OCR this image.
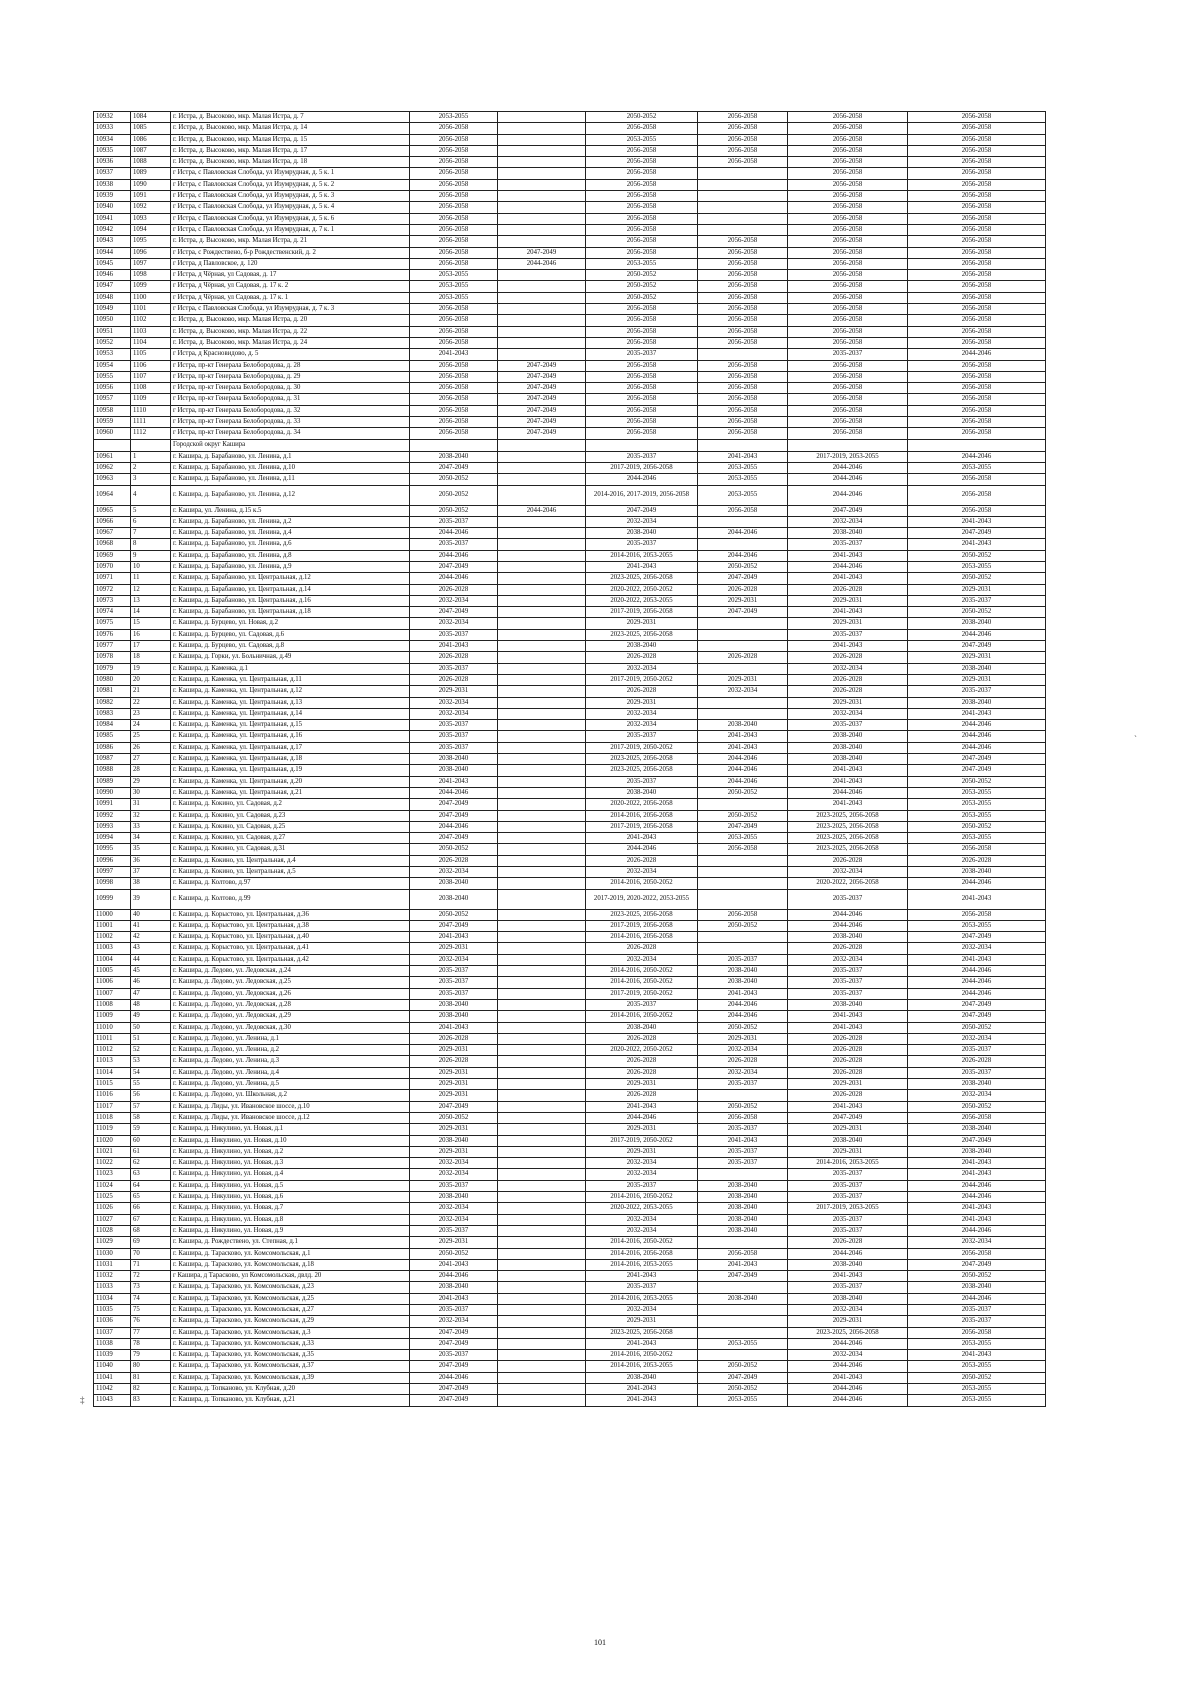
10932	1084	г. Истра, д. Высоково, мкр. Малая Истра, д. 7	2053-2055		2050-2052	2056-2058	2056-2058	2056-2058
10933	1085	г. Истра, д. Высоково, мкр. Малая Истра, д. 14	2056-2058		2056-2058	2056-2058	2056-2058	2056-2058
10934	1086	г. Истра, д. Высоково, мкр. Малая Истра, д. 15	2056-2058		2053-2055	2056-2058	2056-2058	2056-2058
10935	1087	г. Истра, д. Высоково, мкр. Малая Истра, д. 17	2056-2058		2056-2058	2056-2058	2056-2058	2056-2058
10936	1088	г. Истра, д. Высоково, мкр. Малая Истра, д. 18	2056-2058		2056-2058	2056-2058	2056-2058	2056-2058
10937	1089	г Истра, с Павловская Слобода, ул Изумрудная, д. 5 к. 1	2056-2058		2056-2058		2056-2058	2056-2058
10938	1090	г Истра, с Павловская Слобода, ул Изумрудная, д. 5 к. 2	2056-2058		2056-2058		2056-2058	2056-2058
10939	1091	г Истра, с Павловская Слобода, ул Изумрудная, д. 5 к. 3	2056-2058		2056-2058		2056-2058	2056-2058
10940	1092	г Истра, с Павловская Слобода, ул Изумрудная, д. 5 к. 4	2056-2058		2056-2058		2056-2058	2056-2058
10941	1093	г Истра, с Павловская Слобода, ул Изумрудная, д. 5 к. 6	2056-2058		2056-2058		2056-2058	2056-2058
10942	1094	г Истра, с Павловская Слобода, ул Изумрудная, д. 7 к. 1	2056-2058		2056-2058		2056-2058	2056-2058
10943	1095	г. Истра, д. Высоково, мкр. Малая Истра, д. 21	2056-2058		2056-2058	2056-2058	2056-2058	2056-2058
10944	1096	г Истра, с Рождествено, б-р Рождественский, д. 2	2056-2058	2047-2049	2056-2058	2056-2058	2056-2058	2056-2058
10945	1097	г Истра, д Павловское, д. 120	2056-2058	2044-2046	2053-2055	2056-2058	2056-2058	2056-2058
10946	1098	г Истра, д Чёрная, ул Садовая, д. 17	2053-2055		2050-2052	2056-2058	2056-2058	2056-2058
10947	1099	г Истра, д Чёрная, ул Садовая, д. 17 к. 2	2053-2055		2050-2052	2056-2058	2056-2058	2056-2058
10948	1100	г Истра, д Чёрная, ул Садовая, д. 17 к. 1	2053-2055		2050-2052	2056-2058	2056-2058	2056-2058
10949	1101	г Истра, с Павловская Слобода, ул Изумрудная, д. 7 к. 3	2056-2058		2056-2058	2056-2058	2056-2058	2056-2058
10950	1102	г. Истра, д. Высоково, мкр. Малая Истра, д. 20	2056-2058		2056-2058	2056-2058	2056-2058	2056-2058
10951	1103	г. Истра, д. Высоково, мкр. Малая Истра, д. 22	2056-2058		2056-2058	2056-2058	2056-2058	2056-2058
10952	1104	г. Истра, д. Высоково, мкр. Малая Истра, д. 24	2056-2058		2056-2058	2056-2058	2056-2058	2056-2058
10953	1105	г Истра, д Красновидово, д. 5	2041-2043		2035-2037		2035-2037	2044-2046
10954	1106	г Истра, пр-кт Генерала Белобородова, д. 28	2056-2058	2047-2049	2056-2058	2056-2058	2056-2058	2056-2058
10955	1107	г Истра, пр-кт Генерала Белобородова, д. 29	2056-2058	2047-2049	2056-2058	2056-2058	2056-2058	2056-2058
10956	1108	г Истра, пр-кт Генерала Белобородова, д. 30	2056-2058	2047-2049	2056-2058	2056-2058	2056-2058	2056-2058
10957	1109	г Истра, пр-кт Генерала Белобородова, д. 31	2056-2058	2047-2049	2056-2058	2056-2058	2056-2058	2056-2058
10958	1110	г Истра, пр-кт Генерала Белобородова, д. 32	2056-2058	2047-2049	2056-2058	2056-2058	2056-2058	2056-2058
10959	1111	г Истра, пр-кт Генерала Белобородова, д. 33	2056-2058	2047-2049	2056-2058	2056-2058	2056-2058	2056-2058
10960	1112	г Истра, пр-кт Генерала Белобородова, д. 34	2056-2058	2047-2049	2056-2058	2056-2058	2056-2058	2056-2058
		Городской округ Кашира						
10961	1	г. Кашира, д. Барабаново, ул. Ленина, д.1	2038-2040		2035-2037	2041-2043	2017-2019, 2053-2055	2044-2046
10962	2	г. Кашира, д. Барабаново, ул. Ленина, д.10	2047-2049		2017-2019, 2056-2058	2053-2055	2044-2046	2053-2055
10963	3	г. Кашира, д. Барабаново, ул. Ленина, д.11	2050-2052		2044-2046	2053-2055	2044-2046	2056-2058
10964	4	г. Кашира, д. Барабаново, ул. Ленина, д.12	2050-2052		2014-2016, 2017-2019, 2056-2058	2053-2055	2044-2046	2056-2058
10965	5	г. Кашира, ул. Ленина, д.15 к.5	2050-2052	2044-2046	2047-2049	2056-2058	2047-2049	2056-2058
10966	6	г. Кашира, д. Барабаново, ул. Ленина, д.2	2035-2037		2032-2034		2032-2034	2041-2043
10967	7	г. Кашира, д. Барабаново, ул. Ленина, д.4	2044-2046		2038-2040	2044-2046	2038-2040	2047-2049
10968	8	г. Кашира, д. Барабаново, ул. Ленина, д.6	2035-2037		2035-2037		2035-2037	2041-2043
10969	9	г. Кашира, д. Барабаново, ул. Ленина, д.8	2044-2046		2014-2016, 2053-2055	2044-2046	2041-2043	2050-2052
10970	10	г. Кашира, д. Барабаново, ул. Ленина, д.9	2047-2049		2041-2043	2050-2052	2044-2046	2053-2055
10971	11	г. Кашира, д. Барабаново, ул. Центральная, д.12	2044-2046		2023-2025, 2056-2058	2047-2049	2041-2043	2050-2052
10972	12	г. Кашира, д. Барабаново, ул. Центральная, д.14	2026-2028		2020-2022, 2050-2052	2026-2028	2026-2028	2029-2031
10973	13	г. Кашира, д. Барабаново, ул. Центральная, д.16	2032-2034		2020-2022, 2053-2055	2029-2031	2029-2031	2035-2037
10974	14	г. Кашира, д. Барабаново, ул. Центральная, д.18	2047-2049		2017-2019, 2056-2058	2047-2049	2041-2043	2050-2052
10975	15	г. Кашира, д. Бурцево, ул. Новая, д.2	2032-2034		2029-2031		2029-2031	2038-2040
10976	16	г. Кашира, д. Бурцево, ул. Садовая, д.6	2035-2037		2023-2025, 2056-2058		2035-2037	2044-2046
10977	17	г. Кашира, д. Бурцево, ул. Садовая, д.8	2041-2043		2038-2040		2041-2043	2047-2049
10978	18	г. Кашира, д. Горки, ул. Больничная, д.49	2026-2028		2026-2028	2026-2028	2026-2028	2029-2031
10979	19	г. Кашира, д. Каменка, д.1	2035-2037		2032-2034		2032-2034	2038-2040
10980	20	г. Кашира, д. Каменка, ул. Центральная, д.11	2026-2028		2017-2019, 2050-2052	2029-2031	2026-2028	2029-2031
10981	21	г. Кашира, д. Каменка, ул. Центральная, д.12	2029-2031		2026-2028	2032-2034	2026-2028	2035-2037
10982	22	г. Кашира, д. Каменка, ул. Центральная, д.13	2032-2034		2029-2031		2029-2031	2038-2040
10983	23	г. Кашира, д. Каменка, ул. Центральная, д.14	2032-2034		2032-2034		2032-2034	2041-2043
10984	24	г. Кашира, д. Каменка, ул. Центральная, д.15	2035-2037		2032-2034	2038-2040	2035-2037	2044-2046
10985	25	г. Кашира, д. Каменка, ул. Центральная, д.16	2035-2037		2035-2037	2041-2043	2038-2040	2044-2046
10986	26	г. Кашира, д. Каменка, ул. Центральная, д.17	2035-2037		2017-2019, 2050-2052	2041-2043	2038-2040	2044-2046
10987	27	г. Кашира, д. Каменка, ул. Центральная, д.18	2038-2040		2023-2025, 2056-2058	2044-2046	2038-2040	2047-2049
10988	28	г. Кашира, д. Каменка, ул. Центральная, д.19	2038-2040		2023-2025, 2056-2058	2044-2046	2041-2043	2047-2049
10989	29	г. Кашира, д. Каменка, ул. Центральная, д.20	2041-2043		2035-2037	2044-2046	2041-2043	2050-2052
10990	30	г. Кашира, д. Каменка, ул. Центральная, д.21	2044-2046		2038-2040	2050-2052	2044-2046	2053-2055
10991	31	г. Кашира, д. Кокино, ул. Садовая, д.2	2047-2049		2020-2022, 2056-2058		2041-2043	2053-2055
10992	32	г. Кашира, д. Кокино, ул. Садовая, д.23	2047-2049		2014-2016, 2056-2058	2050-2052	2023-2025, 2056-2058	2053-2055
10993	33	г. Кашира, д. Кокино, ул. Садовая, д.25	2044-2046		2017-2019, 2056-2058	2047-2049	2023-2025, 2056-2058	2050-2052
10994	34	г. Кашира, д. Кокино, ул. Садовая, д.27	2047-2049		2041-2043	2053-2055	2023-2025, 2056-2058	2053-2055
10995	35	г. Кашира, д. Кокино, ул. Садовая, д.31	2050-2052		2044-2046	2056-2058	2023-2025, 2056-2058	2056-2058
10996	36	г. Кашира, д. Кокино, ул. Центральная, д.4	2026-2028		2026-2028		2026-2028	2026-2028
10997	37	г. Кашира, д. Кокино, ул. Центральная, д.5	2032-2034		2032-2034		2032-2034	2038-2040
10998	38	г. Кашира, д. Колтово, д.97	2038-2040		2014-2016, 2050-2052		2020-2022, 2056-2058	2044-2046
10999	39	г. Кашира, д. Колтово, д.99	2038-2040		2017-2019, 2020-2022, 2053-2055		2035-2037	2041-2043
11000	40	г. Кашира, д. Корыстово, ул. Центральная, д.36	2050-2052		2023-2025, 2056-2058	2056-2058	2044-2046	2056-2058
11001	41	г. Кашира, д. Корыстово, ул. Центральная, д.38	2047-2049		2017-2019, 2056-2058	2050-2052	2044-2046	2053-2055
11002	42	г. Кашира, д. Корыстово, ул. Центральная, д.40	2041-2043		2014-2016, 2056-2058		2038-2040	2047-2049
11003	43	г. Кашира, д. Корыстово, ул. Центральная, д.41	2029-2031		2026-2028		2026-2028	2032-2034
11004	44	г. Кашира, д. Корыстово, ул. Центральная, д.42	2032-2034		2032-2034	2035-2037	2032-2034	2041-2043
11005	45	г. Кашира, д. Ледово, ул. Ледовская, д.24	2035-2037		2014-2016, 2050-2052	2038-2040	2035-2037	2044-2046
11006	46	г. Кашира, д. Ледово, ул. Ледовская, д.25	2035-2037		2014-2016, 2050-2052	2038-2040	2035-2037	2044-2046
11007	47	г. Кашира, д. Ледово, ул. Ледовская, д.26	2035-2037		2017-2019, 2050-2052	2041-2043	2035-2037	2044-2046
11008	48	г. Кашира, д. Ледово, ул. Ледовская, д.28	2038-2040		2035-2037	2044-2046	2038-2040	2047-2049
11009	49	г. Кашира, д. Ледово, ул. Ледовская, д.29	2038-2040		2014-2016, 2050-2052	2044-2046	2041-2043	2047-2049
11010	50	г. Кашира, д. Ледово, ул. Ледовская, д.30	2041-2043		2038-2040	2050-2052	2041-2043	2050-2052
11011	51	г. Кашира, д. Ледово, ул. Ленина, д.1	2026-2028		2026-2028	2029-2031	2026-2028	2032-2034
11012	52	г. Кашира, д. Ледово, ул. Ленина, д.2	2029-2031		2020-2022, 2050-2052	2032-2034	2026-2028	2035-2037
11013	53	г. Кашира, д. Ледово, ул. Ленина, д.3	2026-2028		2026-2028	2026-2028	2026-2028	2026-2028
11014	54	г. Кашира, д. Ледово, ул. Ленина, д.4	2029-2031		2026-2028	2032-2034	2026-2028	2035-2037
11015	55	г. Кашира, д. Ледово, ул. Ленина, д.5	2029-2031		2029-2031	2035-2037	2029-2031	2038-2040
11016	56	г. Кашира, д. Ледово, ул. Школьная, д.2	2029-2031		2026-2028		2026-2028	2032-2034
11017	57	г. Кашира, д. Лиды, ул. Ивановское шоссе, д.10	2047-2049		2041-2043	2050-2052	2041-2043	2050-2052
11018	58	г. Кашира, д. Лиды, ул. Ивановское шоссе, д.12	2050-2052		2044-2046	2056-2058	2047-2049	2056-2058
11019	59	г. Кашира, д. Никулино, ул. Новая, д.1	2029-2031		2029-2031	2035-2037	2029-2031	2038-2040
11020	60	г. Кашира, д. Никулино, ул. Новая, д.10	2038-2040		2017-2019, 2050-2052	2041-2043	2038-2040	2047-2049
11021	61	г. Кашира, д. Никулино, ул. Новая, д.2	2029-2031		2029-2031	2035-2037	2029-2031	2038-2040
11022	62	г. Кашира, д. Никулино, ул. Новая, д.3	2032-2034		2032-2034	2035-2037	2014-2016, 2053-2055	2041-2043
11023	63	г. Кашира, д. Никулино, ул. Новая, д.4	2032-2034		2032-2034		2035-2037	2041-2043
11024	64	г. Кашира, д. Никулино, ул. Новая, д.5	2035-2037		2035-2037	2038-2040	2035-2037	2044-2046
11025	65	г. Кашира, д. Никулино, ул. Новая, д.6	2038-2040		2014-2016, 2050-2052	2038-2040	2035-2037	2044-2046
11026	66	г. Кашира, д. Никулино, ул. Новая, д.7	2032-2034		2020-2022, 2053-2055	2038-2040	2017-2019, 2053-2055	2041-2043
11027	67	г. Кашира, д. Никулино, ул. Новая, д.8	2032-2034		2032-2034	2038-2040	2035-2037	2041-2043
11028	68	г. Кашира, д. Никулино, ул. Новая, д.9	2035-2037		2032-2034	2038-2040	2035-2037	2044-2046
11029	69	г. Кашира, д. Рождествено, ул. Степная, д.1	2029-2031		2014-2016, 2050-2052		2026-2028	2032-2034
11030	70	г. Кашира, д. Тарасково, ул. Комсомольская, д.1	2050-2052		2014-2016, 2056-2058	2056-2058	2044-2046	2056-2058
11031	71	г. Кашира, д. Тарасково, ул. Комсомольская, д.18	2041-2043		2014-2016, 2053-2055	2041-2043	2038-2040	2047-2049
11032	72	г Кашира, д Тарасково, ул Комсомольская, двлд. 20	2044-2046		2041-2043	2047-2049	2041-2043	2050-2052
11033	73	г. Кашира, д. Тарасково, ул. Комсомольская, д.23	2038-2040		2035-2037		2035-2037	2038-2040
11034	74	г. Кашира, д. Тарасково, ул. Комсомольская, д.25	2041-2043		2014-2016, 2053-2055	2038-2040	2038-2040	2044-2046
11035	75	г. Кашира, д. Тарасково, ул. Комсомольская, д.27	2035-2037		2032-2034		2032-2034	2035-2037
11036	76	г. Кашира, д. Тарасково, ул. Комсомольская, д.29	2032-2034		2029-2031		2029-2031	2035-2037
11037	77	г. Кашира, д. Тарасково, ул. Комсомольская, д.3	2047-2049		2023-2025, 2056-2058		2023-2025, 2056-2058	2056-2058
11038	78	г. Кашира, д. Тарасково, ул. Комсомольская, д.33	2047-2049		2041-2043	2053-2055	2044-2046	2053-2055
11039	79	г. Кашира, д. Тарасково, ул. Комсомольская, д.35	2035-2037		2014-2016, 2050-2052		2032-2034	2041-2043
11040	80	г. Кашира, д. Тарасково, ул. Комсомольская, д.37	2047-2049		2014-2016, 2053-2055	2050-2052	2044-2046	2053-2055
11041	81	г. Кашира, д. Тарасково, ул. Комсомольская, д.39	2044-2046		2038-2040	2047-2049	2041-2043	2050-2052
11042	82	г. Кашира, д. Топканово, ул. Клубная, д.20	2047-2049		2041-2043	2050-2052	2044-2046	2053-2055
11043	83	г. Кашира, д. Топканово, ул. Клубная, д.21	2047-2049		2041-2043	2053-2055	2044-2046	2053-2055
`
‡
101
